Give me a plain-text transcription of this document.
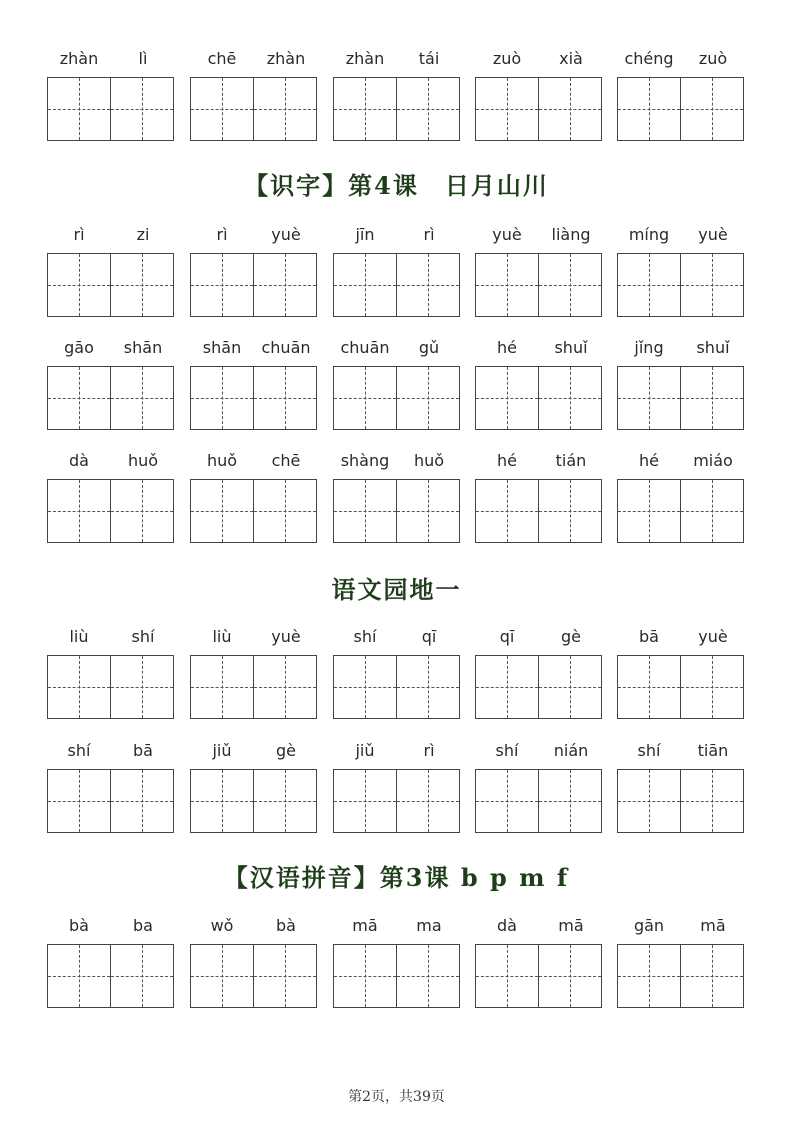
zhàn	lì	chē	zhàn	zhàn	tái	zuò	xià	chéng	zuò
【识字】第4课　日月山川
rì	zi	rì	yuè	jīn	rì	yuè	liàng	míng	yuè
gāo	shān	shān	chuān	chuān	gǔ	hé	shuǐ	jǐng	shuǐ
dà	huǒ	huǒ	chē	shàng	huǒ	hé	tián	hé	miáo
语文园地一
liù	shí	liù	yuè	shí	qī	qī	gè	bā	yuè
shí	bā	jiǔ	gè	jiǔ	rì	shí	nián	shí	tiān
【汉语拼音】第3课 b p m f
bà	ba	wǒ	bà	mā	ma	dà	mā	gān	mā
第2页，共39页
